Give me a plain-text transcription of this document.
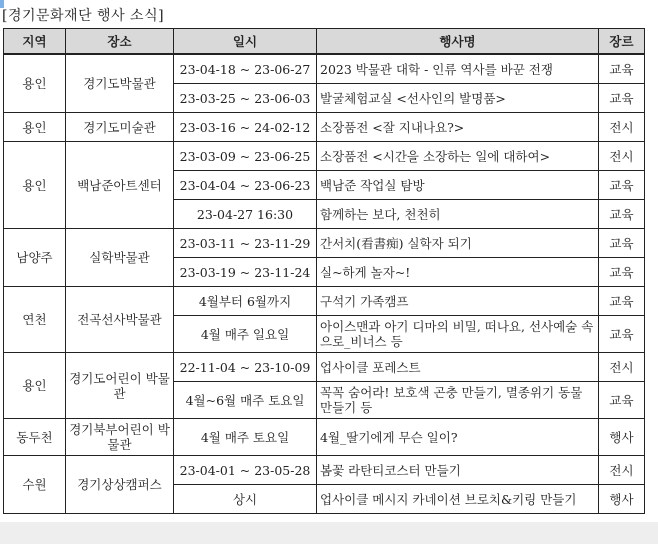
[경기문화재단 행사 소식]
지역	장소	일시	행사명	장르
용인	경기도박물관	23-04-18 ~ 23-06-27	2023 박물관 대학 - 인류 역사를 바꾼 전쟁	교육
		23-03-25 ~ 23-06-03	발굴체험교실 <선사인의 발명품>	교육
용인	경기도미술관	23-03-16 ~ 24-02-12	소장품전 <잘 지내나요?>	전시
용인	백남준아트센터	23-03-09 ~ 23-06-25	소장품전 <시간을 소장하는 일에 대하여>	전시
		23-04-04 ~ 23-06-23	백남준 작업실 탐방	교육
		23-04-27 16:30	함께하는 보다, 천천히	교육
남양주	실학박물관	23-03-11 ~ 23-11-29	간서치(看書痴) 실학자 되기	교육
		23-03-19 ~ 23-11-24	실~하게 놀자~!	교육
연천	전곡선사박물관	4월부터 6월까지	구석기 가족캠프	교육
		4월 매주 일요일	아이스맨과 아기 디마의 비밀, 떠나요, 선사예술 속으로_비너스 등	교육
용인	경기도어린이 박물관	22-11-04 ~ 23-10-09	업사이클 포레스트	전시
		4월~6월 매주 토요일	꼭꼭 숨어라! 보호색 곤충 만들기, 멸종위기 동물 만들기 등	교육
동두천	경기북부어린이 박물관	4월 매주 토요일	4월_딸기에게 무슨 일이?	행사
수원	경기상상캠퍼스	23-04-01 ~ 23-05-28	봄꽃 라탄티코스터 만들기	전시
		상시	업사이클 메시지 카네이션 브로치&키링 만들기	행사
